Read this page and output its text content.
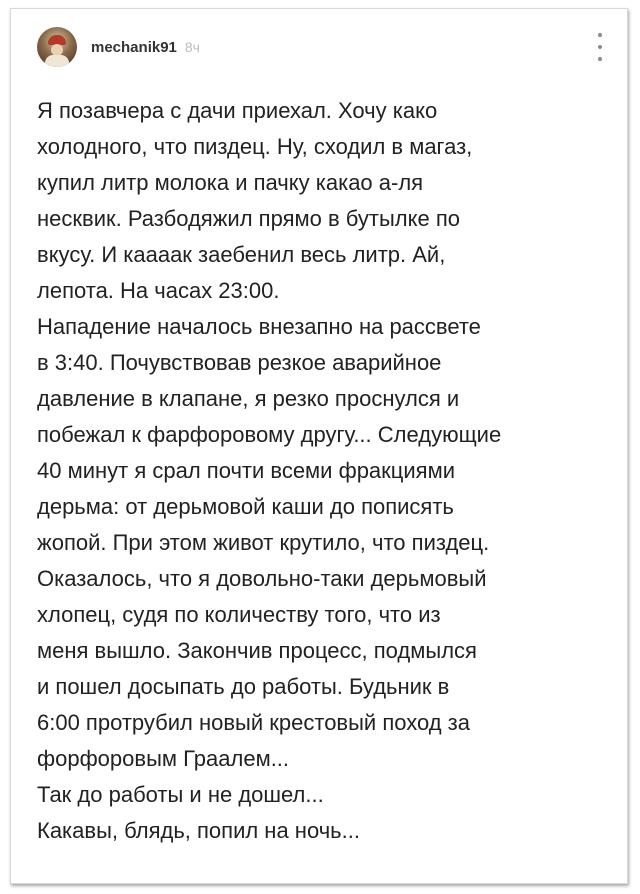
mechanik91 8ч

Я позавчера с дачи приехал. Хочу како

холодного, что пиздец. Ну, сходил в магаз,

купил литр молока и пачку какао а-ля

несквик. Разбодяжил прямо в бутылке по

вкусу. И каааак заебенил весь литр. Ай,

лепота. На часах 23:00.

Нападение началось внезапно на рассвете

в 3:40. Почувствовав резкое аварийное

давление в клапане, я резко проснулся и

побежал к фарфоровому другу... Следующие

40 минут я срал почти всеми фракциями

дерьма: от дерьмовой каши до пописять

жопой. При этом живот крутило, что пиздец.

Оказалось, что я довольно-таки дерьмовый

хлопец, судя по количеству того, что из

меня вышло. Закончив процесс, подмылся

и пошел досыпать до работы. Будьник в

6:00 протрубил новый крестовый поход за

форфоровым Граалем...

Так до работы и не дошел...

Какавы, блядь, попил на ночь...
